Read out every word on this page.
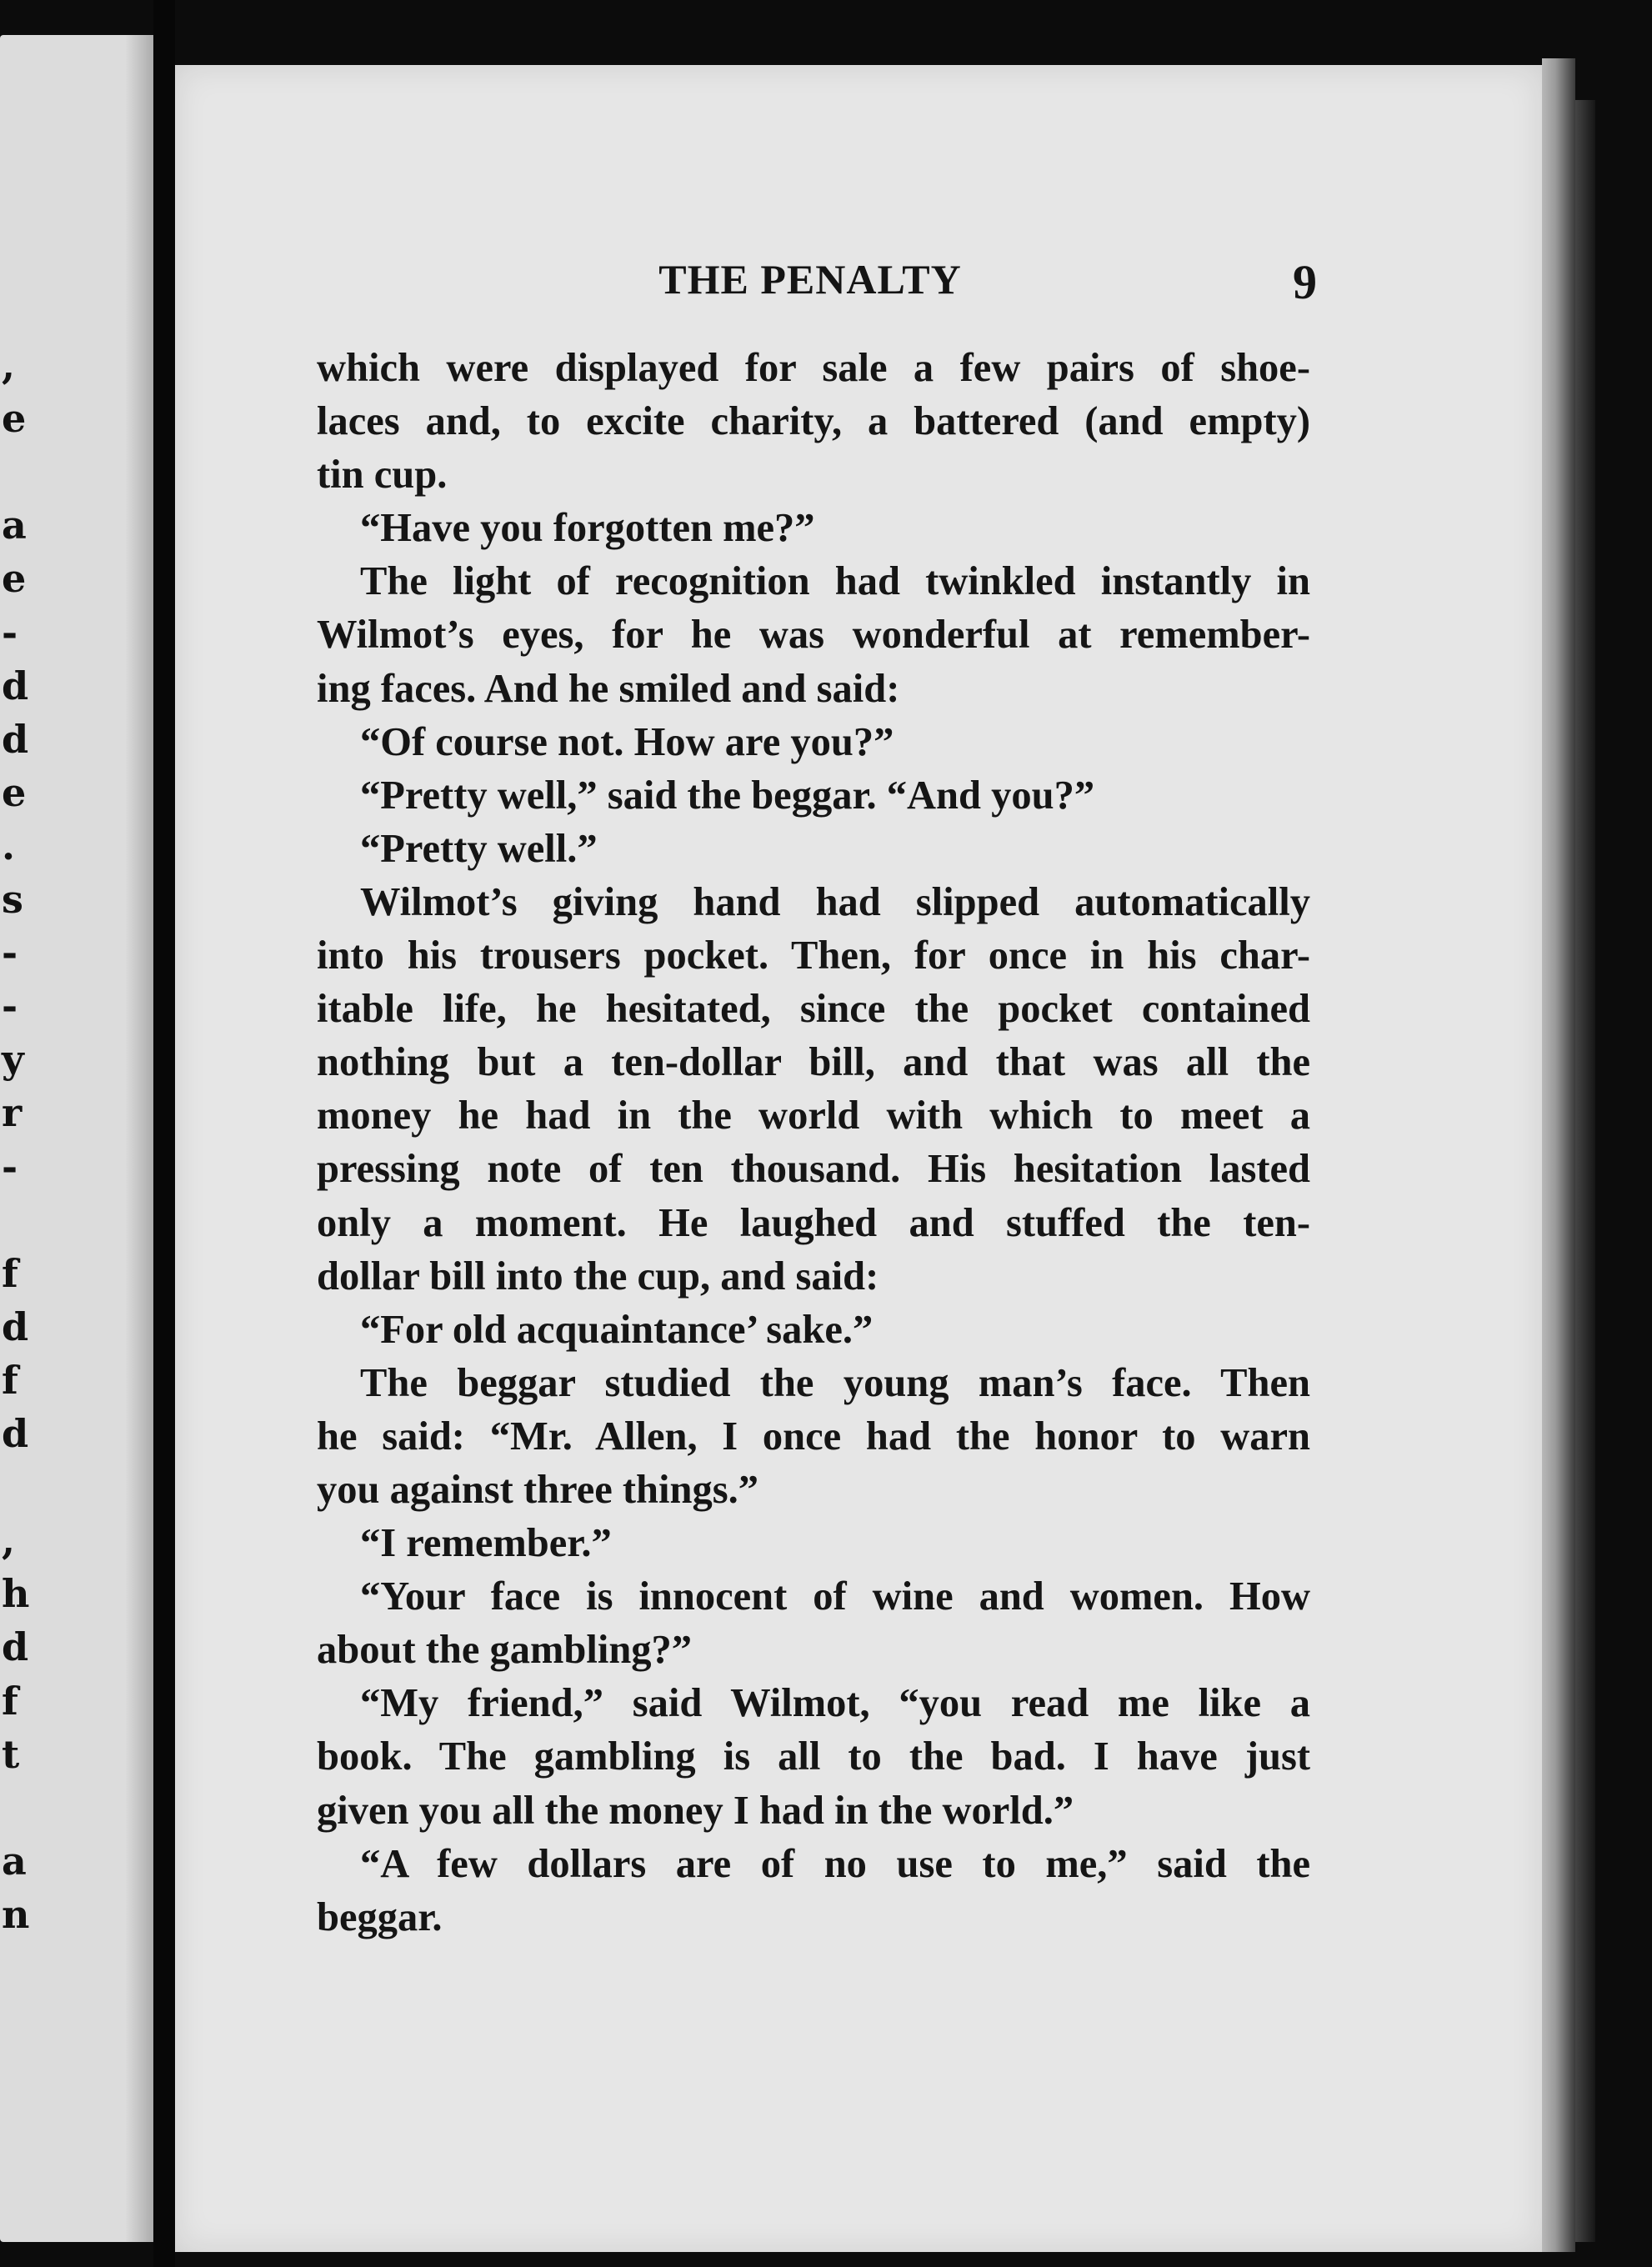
,
e
a
e
-
d
d
e
.
s
-
-
y
r
-
f
d
f
d
,
h
d
f
t
a
n
THE PENALTY	9
which were displayed for sale a few pairs of shoe-
laces and, to excite charity, a battered (and empty)
tin cup.
“Have you forgotten me?”
The light of recognition had twinkled instantly in
Wilmot’s eyes, for he was wonderful at remember-
ing faces. And he smiled and said:
“Of course not. How are you?”
“Pretty well,” said the beggar. “And you?”
“Pretty well.”
Wilmot’s giving hand had slipped automatically
into his trousers pocket. Then, for once in his char-
itable life, he hesitated, since the pocket contained
nothing but a ten-dollar bill, and that was all the
money he had in the world with which to meet a
pressing note of ten thousand. His hesitation lasted
only a moment. He laughed and stuffed the ten-
dollar bill into the cup, and said:
“For old acquaintance’ sake.”
The beggar studied the young man’s face. Then
he said: “Mr. Allen, I once had the honor to warn
you against three things.”
“I remember.”
“Your face is innocent of wine and women. How
about the gambling?”
“My friend,” said Wilmot, “you read me like a
book. The gambling is all to the bad. I have just
given you all the money I had in the world.”
“A few dollars are of no use to me,” said the
beggar.
